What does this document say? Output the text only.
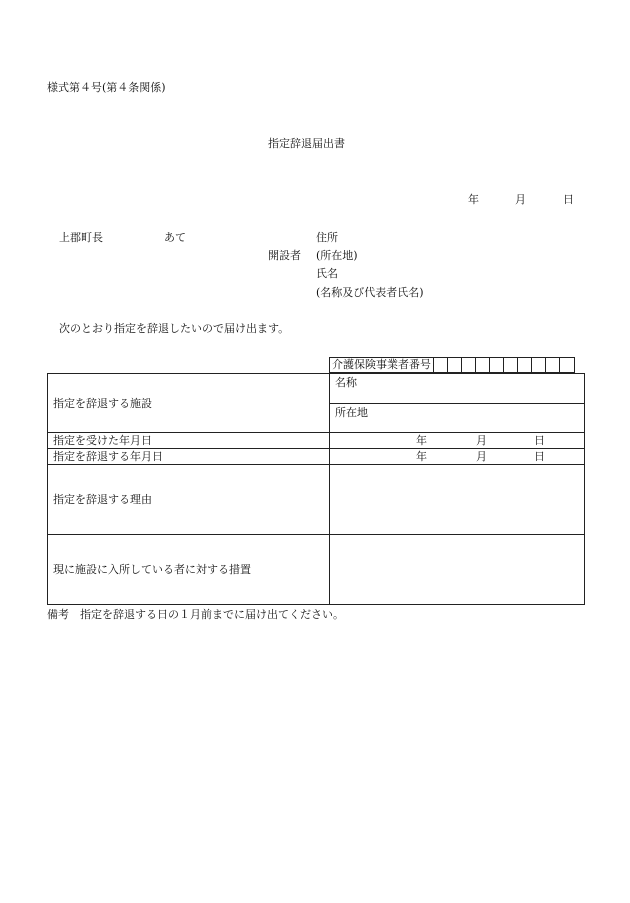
様式第４号(第４条関係)
指定辞退届出書
年	月	日
上郡町長	あて	住所
開設者 (所在地)
氏名
(名称及び代表者氏名)
次のとおり指定を辞退したいので届け出ます。
介護保険事業者番号
指定を辞退する施設	名称
	所在地
指定を受けた年月日	年 月 日

指定を辞退する年月日	年 月 日

指定を辞退する理由	
現に施設に入所している者に対する措置	
備考　指定を辞退する日の１月前までに届け出てください。
